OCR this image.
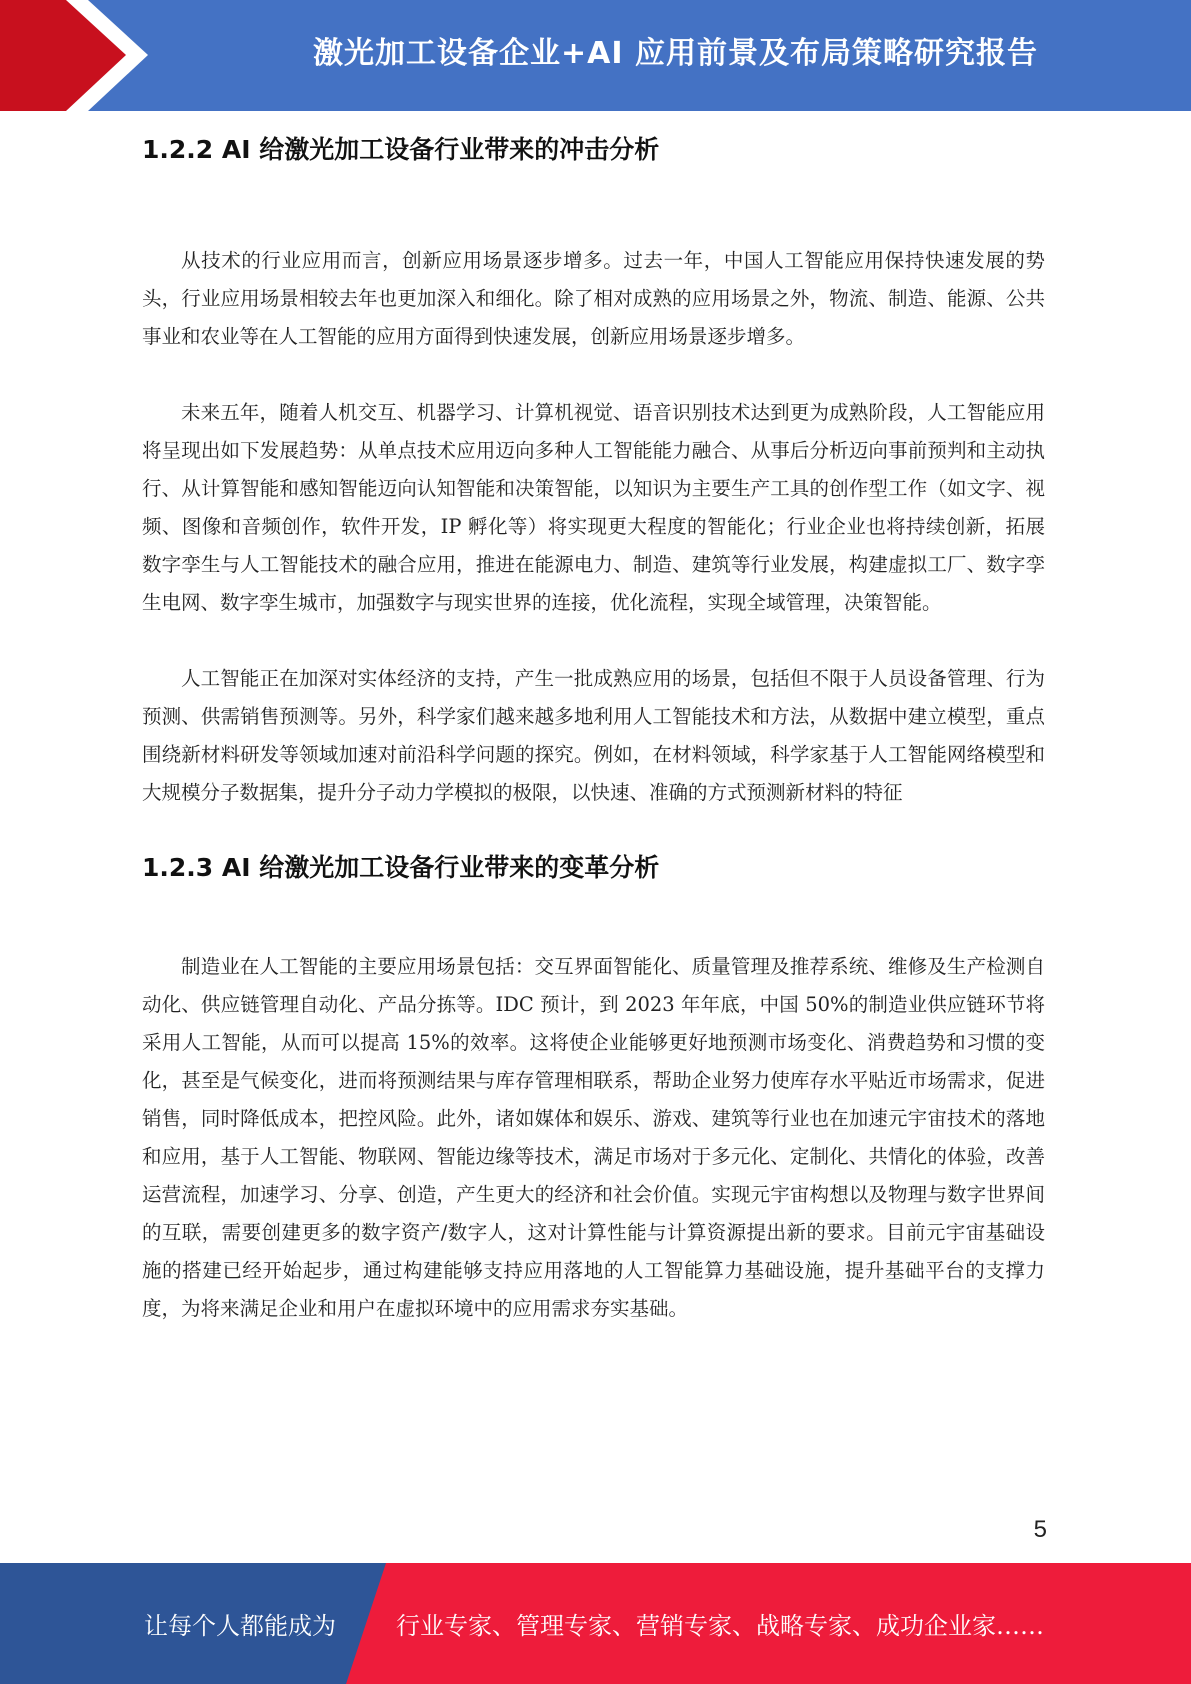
激光加工设备企业+AI 应用前景及布局策略研究报告
1.2.2 AI 给激光加工设备行业带来的冲击分析

从技术的行业应用而言，创新应用场景逐步增多。过去一年，中国人工智能应用保持快速发展的势头，行业应用场景相较去年也更加深入和细化。除了相对成熟的应用场景之外，物流、制造、能源、公共事业和农业等在人工智能的应用方面得到快速发展，创新应用场景逐步增多。

未来五年，随着人机交互、机器学习、计算机视觉、语音识别技术达到更为成熟阶段，人工智能应用将呈现出如下发展趋势：从单点技术应用迈向多种人工智能能力融合、从事后分析迈向事前预判和主动执行、从计算智能和感知智能迈向认知智能和决策智能，以知识为主要生产工具的创作型工作（如文字、视频、图像和音频创作，软件开发，IP 孵化等）将实现更大程度的智能化；行业企业也将持续创新，拓展数字孪生与人工智能技术的融合应用，推进在能源电力、制造、建筑等行业发展，构建虚拟工厂、数字孪生电网、数字孪生城市，加强数字与现实世界的连接，优化流程，实现全域管理，决策智能。

人工智能正在加深对实体经济的支持，产生一批成熟应用的场景，包括但不限于人员设备管理、行为预测、供需销售预测等。另外，科学家们越来越多地利用人工智能技术和方法，从数据中建立模型，重点围绕新材料研发等领域加速对前沿科学问题的探究。例如，在材料领域，科学家基于人工智能网络模型和大规模分子数据集，提升分子动力学模拟的极限，以快速、准确的方式预测新材料的特征

1.2.3 AI 给激光加工设备行业带来的变革分析

制造业在人工智能的主要应用场景包括：交互界面智能化、质量管理及推荐系统、维修及生产检测自动化、供应链管理自动化、产品分拣等。IDC 预计，到 2023 年年底，中国 50%的制造业供应链环节将采用人工智能，从而可以提高 15%的效率。这将使企业能够更好地预测市场变化、消费趋势和习惯的变化，甚至是气候变化，进而将预测结果与库存管理相联系，帮助企业努力使库存水平贴近市场需求，促进销售，同时降低成本，把控风险。此外，诸如媒体和娱乐、游戏、建筑等行业也在加速元宇宙技术的落地和应用，基于人工智能、物联网、智能边缘等技术，满足市场对于多元化、定制化、共情化的体验，改善运营流程，加速学习、分享、创造，产生更大的经济和社会价值。实现元宇宙构想以及物理与数字世界间的互联，需要创建更多的数字资产/数字人，这对计算性能与计算资源提出新的要求。目前元宇宙基础设施的搭建已经开始起步，通过构建能够支持应用落地的人工智能算力基础设施，提升基础平台的支撑力度，为将来满足企业和用户在虚拟环境中的应用需求夯实基础。

5
让每个人都能成为	行业专家、管理专家、营销专家、战略专家、成功企业家……
